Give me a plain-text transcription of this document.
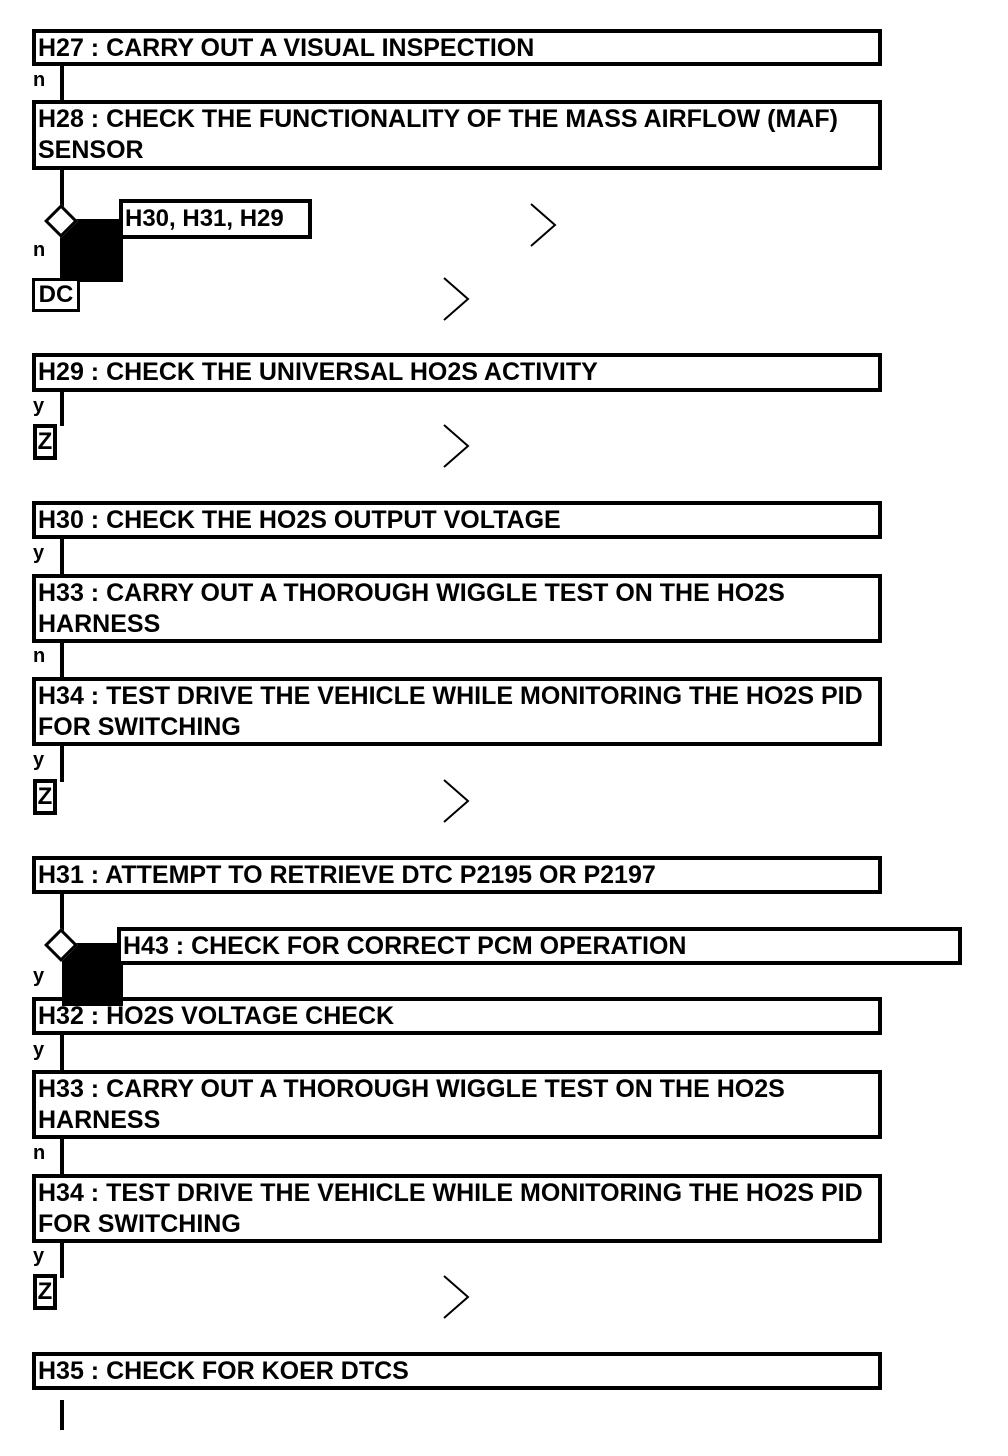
H27 : CARRY OUT A VISUAL INSPECTION
n
H28 : CHECK THE FUNCTIONALITY OF THE MASS AIRFLOW (MAF) SENSOR
H30, H31, H29
n
DC
H29 : CHECK THE UNIVERSAL HO2S ACTIVITY
y
Z
H30 : CHECK THE HO2S OUTPUT VOLTAGE
y
H33 : CARRY OUT A THOROUGH WIGGLE TEST ON THE HO2S HARNESS
n
H34 : TEST DRIVE THE VEHICLE WHILE MONITORING THE HO2S PID FOR SWITCHING
y
Z
H31 : ATTEMPT TO RETRIEVE DTC P2195 OR P2197
H43 : CHECK FOR CORRECT PCM OPERATION
y
H32 : HO2S VOLTAGE CHECK
y
H33 : CARRY OUT A THOROUGH WIGGLE TEST ON THE HO2S HARNESS
n
H34 : TEST DRIVE THE VEHICLE WHILE MONITORING THE HO2S PID FOR SWITCHING
y
Z
H35 : CHECK FOR KOER DTCS
